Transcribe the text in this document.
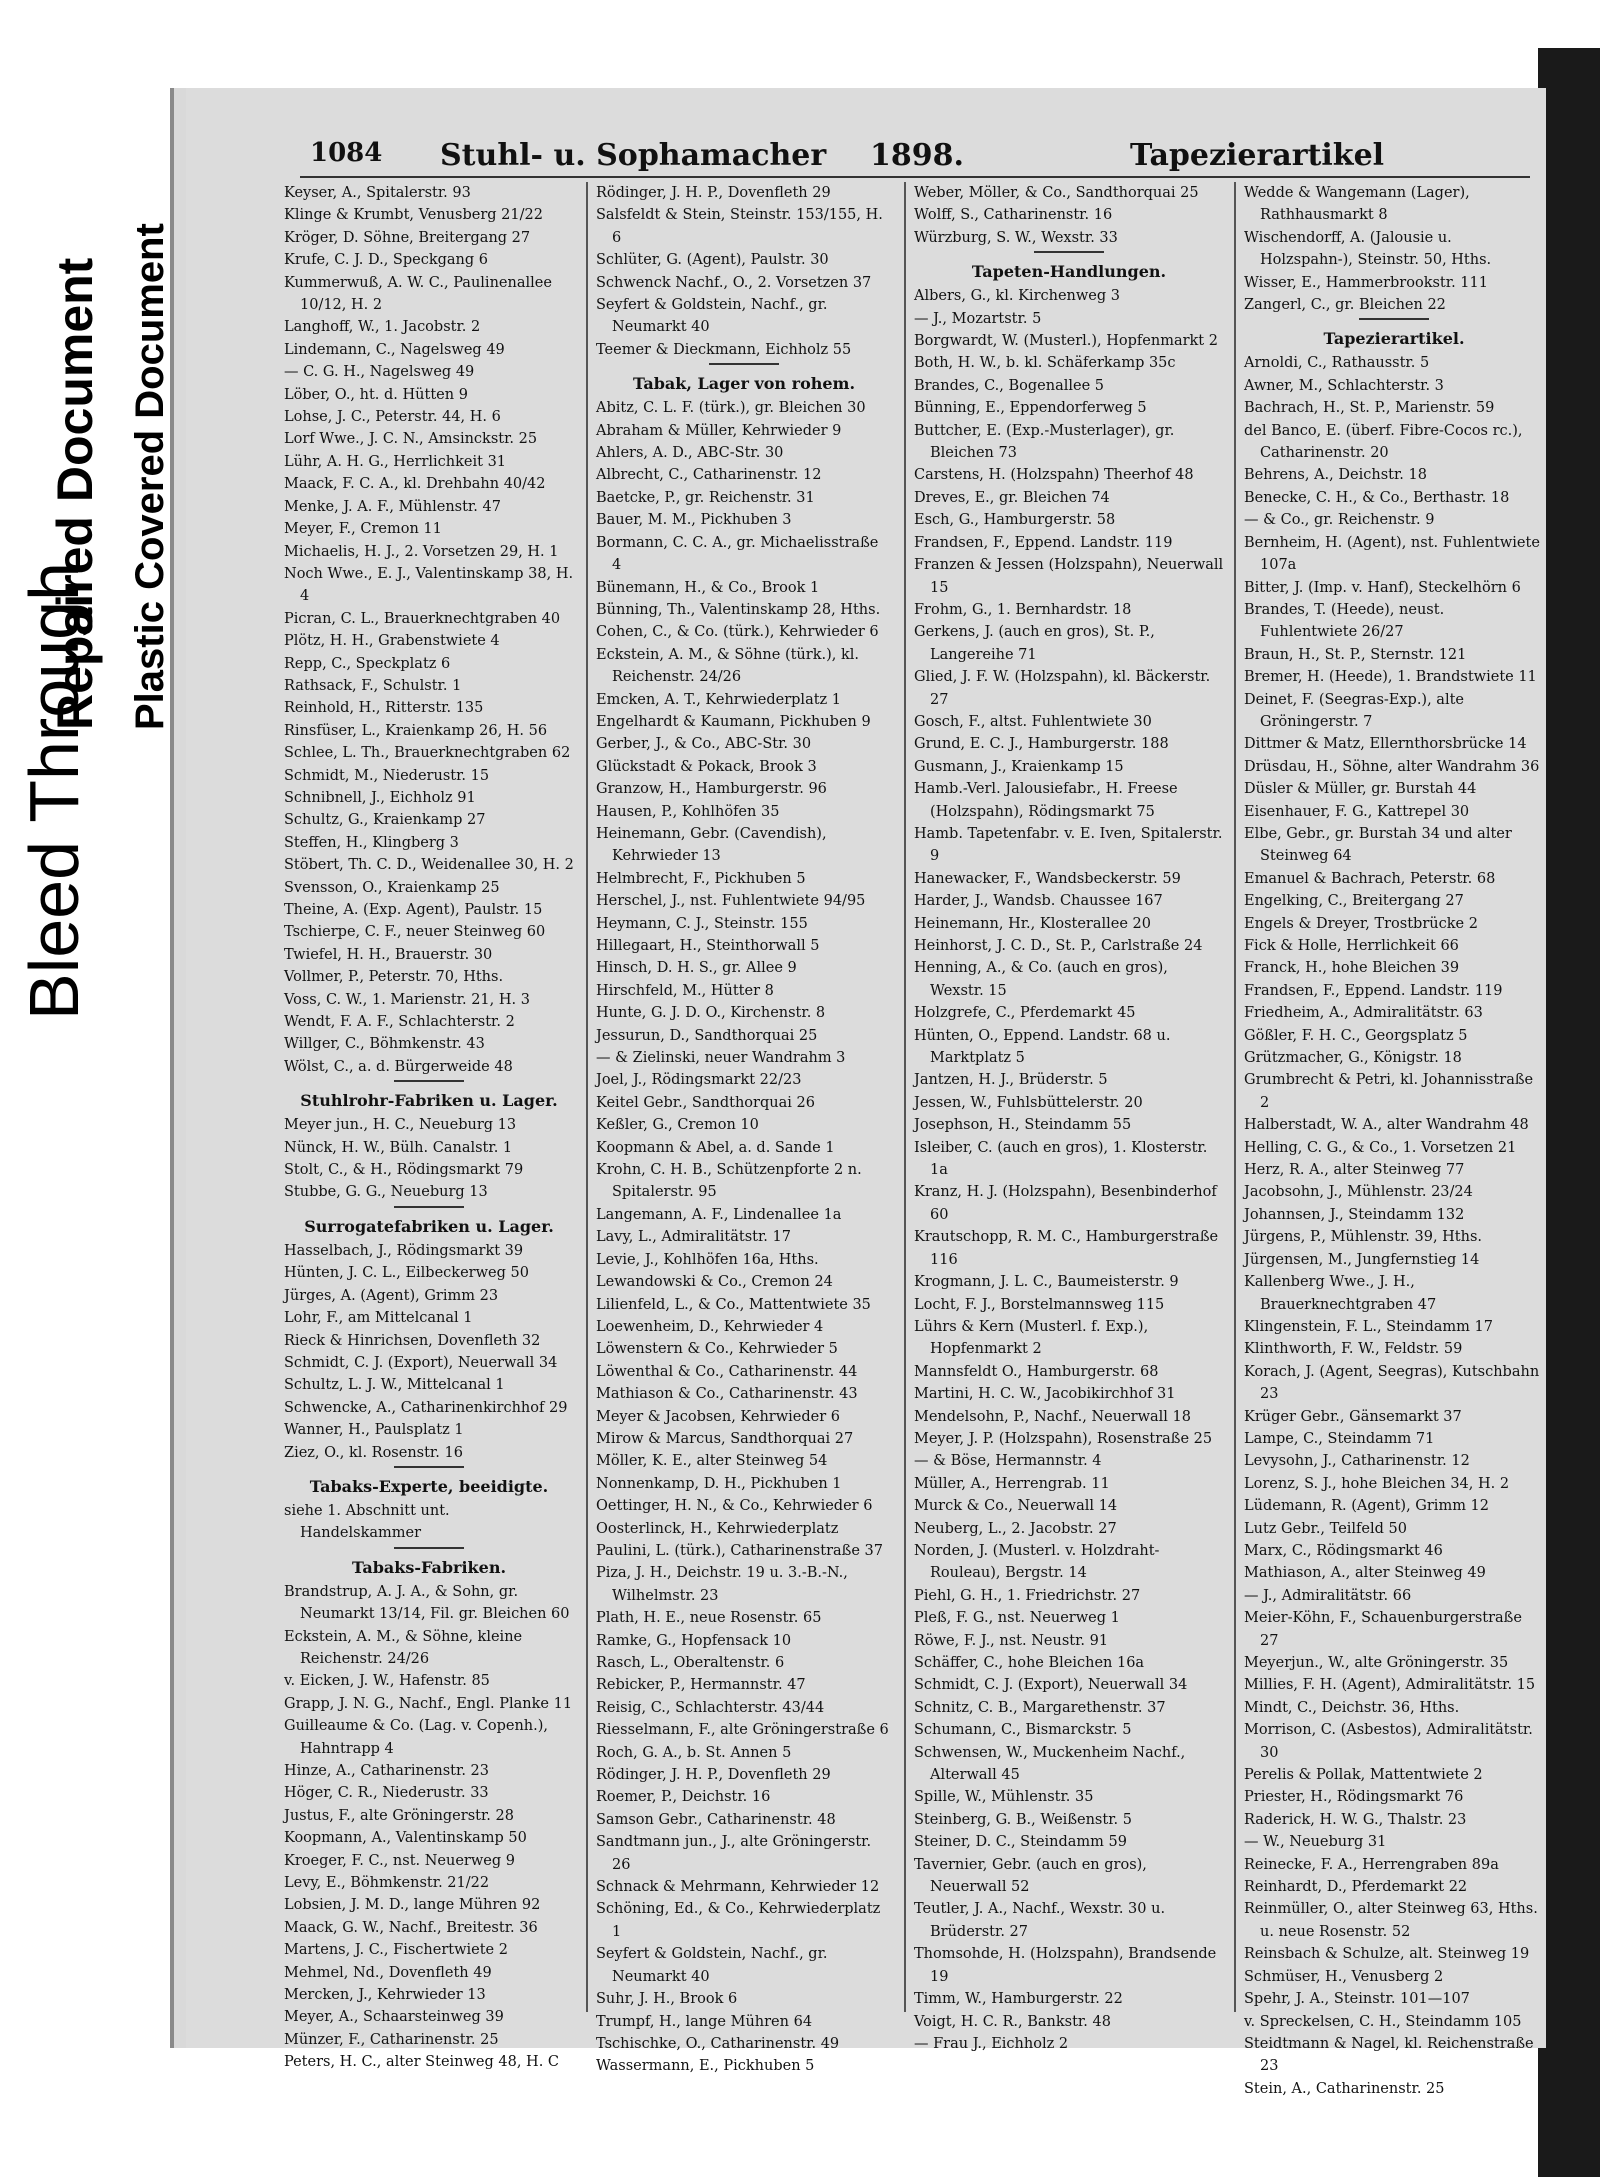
Bleed Through
Repaired Document Plastic Covered Document
1084 Stuhl- u. Sophamacher 1898.	Tapezierartikel

Keyser, A., Spitalerstr. 93

Klinge & Krumbt, Venusberg 21/22

Kröger, D. Söhne, Breitergang 27

Krufe, C. J. D., Speckgang 6

Kummerwuß, A. W. C., Paulinenallee 10/12, H. 2

Langhoff, W., 1. Jacobstr. 2

Lindemann, C., Nagelsweg 49

— C. G. H., Nagelsweg 49

Löber, O., ht. d. Hütten 9

Lohse, J. C., Peterstr. 44, H. 6

Lorf Wwe., J. C. N., Amsinckstr. 25

Lühr, A. H. G., Herrlichkeit 31

Maack, F. C. A., kl. Drehbahn 40/42

Menke, J. A. F., Mühlenstr. 47

Meyer, F., Cremon 11

Michaelis, H. J., 2. Vorsetzen 29, H. 1

Noch Wwe., E. J., Valentinskamp 38, H. 4

Picran, C. L., Brauerknechtgraben 40

Plötz, H. H., Grabenstwiete 4

Repp, C., Speckplatz 6

Rathsack, F., Schulstr. 1

Reinhold, H., Ritterstr. 135

Rinsfüser, L., Kraienkamp 26, H. 56

Schlee, L. Th., Brauerknechtgraben 62

Schmidt, M., Niederustr. 15

Schnibnell, J., Eichholz 91

Schultz, G., Kraienkamp 27

Steffen, H., Klingberg 3

Stöbert, Th. C. D., Weidenallee 30, H. 2

Svensson, O., Kraienkamp 25

Theine, A. (Exp. Agent), Paulstr. 15

Tschierpe, C. F., neuer Steinweg 60

Twiefel, H. H., Brauerstr. 30

Vollmer, P., Peterstr. 70, Hths.

Voss, C. W., 1. Marienstr. 21, H. 3

Wendt, F. A. F., Schlachterstr. 2

Willger, C., Böhmkenstr. 43

Wölst, C., a. d. Bürgerweide 48

Stuhlrohr-Fabriken u. Lager.

Meyer jun., H. C., Neueburg 13

Nünck, H. W., Bülh. Canalstr. 1

Stolt, C., & H., Rödingsmarkt 79

Stubbe, G. G., Neueburg 13

Surrogatefabriken u. Lager.

Hasselbach, J., Rödingsmarkt 39

Hünten, J. C. L., Eilbeckerweg 50

Jürges, A. (Agent), Grimm 23

Lohr, F., am Mittelcanal 1

Rieck & Hinrichsen, Dovenfleth 32

Schmidt, C. J. (Export), Neuerwall 34

Schultz, L. J. W., Mittelcanal 1

Schwencke, A., Catharinenkirchhof 29

Wanner, H., Paulsplatz 1

Ziez, O., kl. Rosenstr. 16

Tabaks-Experte, beeidigte.

siehe 1. Abschnitt unt. Handelskammer

Tabaks-Fabriken.

Brandstrup, A. J. A., & Sohn, gr. Neumarkt 13/14, Fil. gr. Bleichen 60

Eckstein, A. M., & Söhne, kleine Reichenstr. 24/26

v. Eicken, J. W., Hafenstr. 85

Grapp, J. N. G., Nachf., Engl. Planke 11

Guilleaume & Co. (Lag. v. Copenh.), Hahntrapp 4

Hinze, A., Catharinenstr. 23

Höger, C. R., Niederustr. 33

Justus, F., alte Gröningerstr. 28

Koopmann, A., Valentinskamp 50

Kroeger, F. C., nst. Neuerweg 9

Levy, E., Böhmkenstr. 21/22

Lobsien, J. M. D., lange Mühren 92

Maack, G. W., Nachf., Breitestr. 36

Martens, J. C., Fischertwiete 2

Mehmel, Nd., Dovenfleth 49

Mercken, J., Kehrwieder 13

Meyer, A., Schaarsteinweg 39

Münzer, F., Catharinenstr. 25

Peters, H. C., alter Steinweg 48, H. C

Rödinger, J. H. P., Dovenfleth 29

Salsfeldt & Stein, Steinstr. 153/155, H. 6

Schlüter, G. (Agent), Paulstr. 30

Schwenck Nachf., O., 2. Vorsetzen 37

Seyfert & Goldstein, Nachf., gr. Neumarkt 40

Teemer & Dieckmann, Eichholz 55

Tabak, Lager von rohem.

Abitz, C. L. F. (türk.), gr. Bleichen 30

Abraham & Müller, Kehrwieder 9

Ahlers, A. D., ABC-Str. 30

Albrecht, C., Catharinenstr. 12

Baetcke, P., gr. Reichenstr. 31

Bauer, M. M., Pickhuben 3

Bormann, C. C. A., gr. Michaelisstraße 4

Bünemann, H., & Co., Brook 1

Bünning, Th., Valentinskamp 28, Hths.

Cohen, C., & Co. (türk.), Kehrwieder 6

Eckstein, A. M., & Söhne (türk.), kl. Reichenstr. 24/26

Emcken, A. T., Kehrwiederplatz 1

Engelhardt & Kaumann, Pickhuben 9

Gerber, J., & Co., ABC-Str. 30

Glückstadt & Pokack, Brook 3

Granzow, H., Hamburgerstr. 96

Hausen, P., Kohlhöfen 35

Heinemann, Gebr. (Cavendish), Kehrwieder 13

Helmbrecht, F., Pickhuben 5

Herschel, J., nst. Fuhlentwiete 94/95

Heymann, C. J., Steinstr. 155

Hillegaart, H., Steinthorwall 5

Hinsch, D. H. S., gr. Allee 9

Hirschfeld, M., Hütter 8

Hunte, G. J. D. O., Kirchenstr. 8

Jessurun, D., Sandthorquai 25

— & Zielinski, neuer Wandrahm 3

Joel, J., Rödingsmarkt 22/23

Keitel Gebr., Sandthorquai 26

Keßler, G., Cremon 10

Koopmann & Abel, a. d. Sande 1

Krohn, C. H. B., Schützenpforte 2 n. Spitalerstr. 95

Langemann, A. F., Lindenallee 1a

Lavy, L., Admiralitätstr. 17

Levie, J., Kohlhöfen 16a, Hths.

Lewandowski & Co., Cremon 24

Lilienfeld, L., & Co., Mattentwiete 35

Loewenheim, D., Kehrwieder 4

Löwenstern & Co., Kehrwieder 5

Löwenthal & Co., Catharinenstr. 44

Mathiason & Co., Catharinenstr. 43

Meyer & Jacobsen, Kehrwieder 6

Mirow & Marcus, Sandthorquai 27

Möller, K. E., alter Steinweg 54

Nonnenkamp, D. H., Pickhuben 1

Oettinger, H. N., & Co., Kehrwieder 6

Oosterlinck, H., Kehrwiederplatz

Paulini, L. (türk.), Catharinenstraße 37

Piza, J. H., Deichstr. 19 u. 3.-B.-N., Wilhelmstr. 23

Plath, H. E., neue Rosenstr. 65

Ramke, G., Hopfensack 10

Rasch, L., Oberaltenstr. 6

Rebicker, P., Hermannstr. 47

Reisig, C., Schlachterstr. 43/44

Riesselmann, F., alte Gröningerstraße 6

Roch, G. A., b. St. Annen 5

Rödinger, J. H. P., Dovenfleth 29

Roemer, P., Deichstr. 16

Samson Gebr., Catharinenstr. 48

Sandtmann jun., J., alte Gröningerstr. 26

Schnack & Mehrmann, Kehrwieder 12

Schöning, Ed., & Co., Kehrwiederplatz 1

Seyfert & Goldstein, Nachf., gr. Neumarkt 40

Suhr, J. H., Brook 6

Trumpf, H., lange Mühren 64

Tschischke, O., Catharinenstr. 49

Wassermann, E., Pickhuben 5

Weber, Möller, & Co., Sandthorquai 25

Wolff, S., Catharinenstr. 16

Würzburg, S. W., Wexstr. 33

Tapeten-Handlungen.

Albers, G., kl. Kirchenweg 3

— J., Mozartstr. 5

Borgwardt, W. (Musterl.), Hopfenmarkt 2

Both, H. W., b. kl. Schäferkamp 35c

Brandes, C., Bogenallee 5

Bünning, E., Eppendorferweg 5

Buttcher, E. (Exp.-Musterlager), gr. Bleichen 73

Carstens, H. (Holzspahn) Theerhof 48

Dreves, E., gr. Bleichen 74

Esch, G., Hamburgerstr. 58

Frandsen, F., Eppend. Landstr. 119

Franzen & Jessen (Holzspahn), Neuerwall 15

Frohm, G., 1. Bernhardstr. 18

Gerkens, J. (auch en gros), St. P., Langereihe 71

Glied, J. F. W. (Holzspahn), kl. Bäckerstr. 27

Gosch, F., altst. Fuhlentwiete 30

Grund, E. C. J., Hamburgerstr. 188

Gusmann, J., Kraienkamp 15

Hamb.-Verl. Jalousiefabr., H. Freese (Holzspahn), Rödingsmarkt 75

Hamb. Tapetenfabr. v. E. Iven, Spitalerstr. 9

Hanewacker, F., Wandsbeckerstr. 59

Harder, J., Wandsb. Chaussee 167

Heinemann, Hr., Klosterallee 20

Heinhorst, J. C. D., St. P., Carlstraße 24

Henning, A., & Co. (auch en gros), Wexstr. 15

Holzgrefe, C., Pferdemarkt 45

Hünten, O., Eppend. Landstr. 68 u. Marktplatz 5

Jantzen, H. J., Brüderstr. 5

Jessen, W., Fuhlsbüttelerstr. 20

Josephson, H., Steindamm 55

Isleiber, C. (auch en gros), 1. Klosterstr. 1a

Kranz, H. J. (Holzspahn), Besenbinderhof 60

Krautschopp, R. M. C., Hamburgerstraße 116

Krogmann, J. L. C., Baumeisterstr. 9

Locht, F. J., Borstelmannsweg 115

Lührs & Kern (Musterl. f. Exp.), Hopfenmarkt 2

Mannsfeldt O., Hamburgerstr. 68

Martini, H. C. W., Jacobikirchhof 31

Mendelsohn, P., Nachf., Neuerwall 18

Meyer, J. P. (Holzspahn), Rosenstraße 25

— & Böse, Hermannstr. 4

Müller, A., Herrengrab. 11

Murck & Co., Neuerwall 14

Neuberg, L., 2. Jacobstr. 27

Norden, J. (Musterl. v. Holzdraht-Rouleau), Bergstr. 14

Piehl, G. H., 1. Friedrichstr. 27

Pleß, F. G., nst. Neuerweg 1

Röwe, F. J., nst. Neustr. 91

Schäffer, C., hohe Bleichen 16a

Schmidt, C. J. (Export), Neuerwall 34

Schnitz, C. B., Margarethenstr. 37

Schumann, C., Bismarckstr. 5

Schwensen, W., Muckenheim Nachf., Alterwall 45

Spille, W., Mühlenstr. 35

Steinberg, G. B., Weißenstr. 5

Steiner, D. C., Steindamm 59

Tavernier, Gebr. (auch en gros), Neuerwall 52

Teutler, J. A., Nachf., Wexstr. 30 u. Brüderstr. 27

Thomsohde, H. (Holzspahn), Brandsende 19

Timm, W., Hamburgerstr. 22

Voigt, H. C. R., Bankstr. 48

— Frau J., Eichholz 2

Wedde & Wangemann (Lager), Rathhausmarkt 8

Wischendorff, A. (Jalousie u. Holzspahn-), Steinstr. 50, Hths.

Wisser, E., Hammerbrookstr. 111

Zangerl, C., gr. Bleichen 22

Tapezierartikel.

Arnoldi, C., Rathausstr. 5

Awner, M., Schlachterstr. 3

Bachrach, H., St. P., Marienstr. 59

del Banco, E. (überf. Fibre-Cocos rc.), Catharinenstr. 20

Behrens, A., Deichstr. 18

Benecke, C. H., & Co., Berthastr. 18

— & Co., gr. Reichenstr. 9

Bernheim, H. (Agent), nst. Fuhlentwiete 107a

Bitter, J. (Imp. v. Hanf), Steckelhörn 6

Brandes, T. (Heede), neust. Fuhlentwiete 26/27

Braun, H., St. P., Sternstr. 121

Bremer, H. (Heede), 1. Brandstwiete 11

Deinet, F. (Seegras-Exp.), alte Gröningerstr. 7

Dittmer & Matz, Ellernthorsbrücke 14

Drüsdau, H., Söhne, alter Wandrahm 36

Düsler & Müller, gr. Burstah 44

Eisenhauer, F. G., Kattrepel 30

Elbe, Gebr., gr. Burstah 34 und alter Steinweg 64

Emanuel & Bachrach, Peterstr. 68

Engelking, C., Breitergang 27

Engels & Dreyer, Trostbrücke 2

Fick & Holle, Herrlichkeit 66

Franck, H., hohe Bleichen 39

Frandsen, F., Eppend. Landstr. 119

Friedheim, A., Admiralitätstr. 63

Gößler, F. H. C., Georgsplatz 5

Grützmacher, G., Königstr. 18

Grumbrecht & Petri, kl. Johannisstraße 2

Halberstadt, W. A., alter Wandrahm 48

Helling, C. G., & Co., 1. Vorsetzen 21

Herz, R. A., alter Steinweg 77

Jacobsohn, J., Mühlenstr. 23/24

Johannsen, J., Steindamm 132

Jürgens, P., Mühlenstr. 39, Hths.

Jürgensen, M., Jungfernstieg 14

Kallenberg Wwe., J. H., Brauerknechtgraben 47

Klingenstein, F. L., Steindamm 17

Klinthworth, F. W., Feldstr. 59

Korach, J. (Agent, Seegras), Kutschbahn 23

Krüger Gebr., Gänsemarkt 37

Lampe, C., Steindamm 71

Levysohn, J., Catharinenstr. 12

Lorenz, S. J., hohe Bleichen 34, H. 2

Lüdemann, R. (Agent), Grimm 12

Lutz Gebr., Teilfeld 50

Marx, C., Rödingsmarkt 46

Mathiason, A., alter Steinweg 49

— J., Admiralitätstr. 66

Meier-Köhn, F., Schauenburgerstraße 27

Meyerjun., W., alte Gröningerstr. 35

Millies, F. H. (Agent), Admiralitätstr. 15

Mindt, C., Deichstr. 36, Hths.

Morrison, C. (Asbestos), Admiralitätstr. 30

Perelis & Pollak, Mattentwiete 2

Priester, H., Rödingsmarkt 76

Raderick, H. W. G., Thalstr. 23

— W., Neueburg 31

Reinecke, F. A., Herrengraben 89a

Reinhardt, D., Pferdemarkt 22

Reinmüller, O., alter Steinweg 63, Hths. u. neue Rosenstr. 52

Reinsbach & Schulze, alt. Steinweg 19

Schmüser, H., Venusberg 2

Spehr, J. A., Steinstr. 101—107

v. Spreckelsen, C. H., Steindamm 105

Steidtmann & Nagel, kl. Reichenstraße 23

Stein, A., Catharinenstr. 25
